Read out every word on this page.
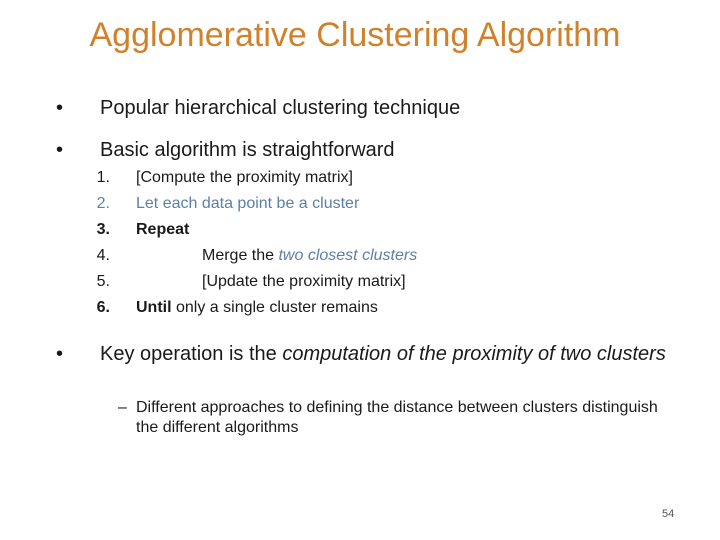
Agglomerative Clustering Algorithm
• Popular hierarchical clustering technique
• Basic algorithm is straightforward
1. [Compute the proximity matrix]
2. Let each data point be a cluster
3. Repeat
4.	Merge the two closest clusters
5.	[Update the proximity matrix]
6. Until only a single cluster remains
• Key operation is the computation of the proximity of two clusters
– Different approaches to defining the distance between clusters distinguish the different algorithms
54
